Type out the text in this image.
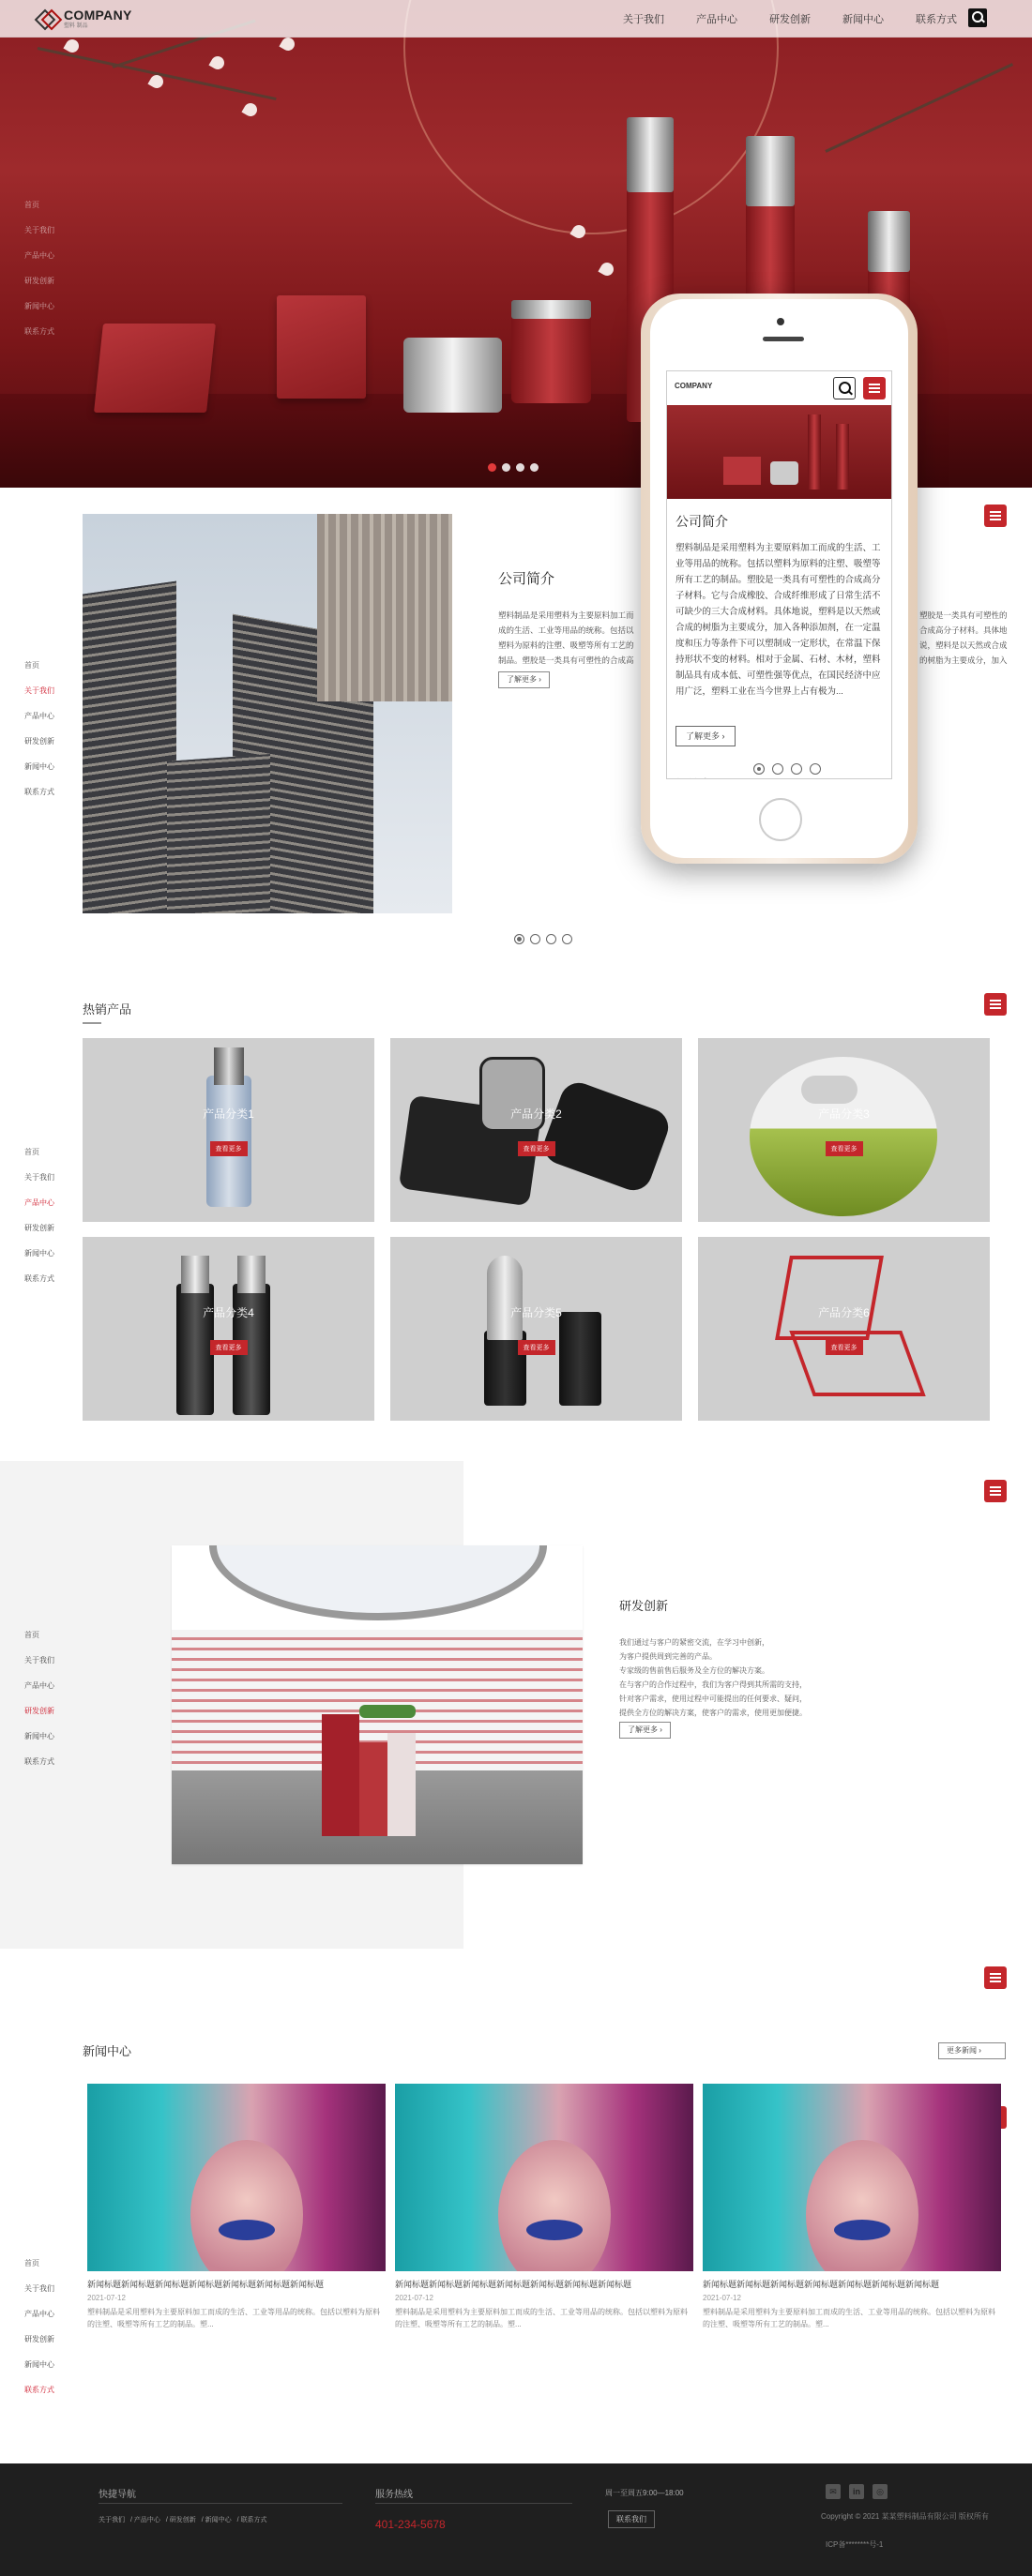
COMPANY
塑料 制品
关于我们	产品中心	研发创新	新闻中心	联系方式
首页
关于我们
产品中心
研发创新
新闻中心
联系方式
首页
关于我们
产品中心
研发创新
新闻中心
联系方式
公司简介
塑料制品是采用塑料为主要原料加工而成的生活、工业等用品的统称。包括以塑料为原料的注塑、吸塑等所有工艺的制品。塑胶是一类具有可塑性的合成高
塑胶是一类具有可塑性的合成高分子材料。具体地说，塑料是以天然或合成的树脂为主要成分，加入
了解更多 ›
COMPANY
公司简介
塑料制品是采用塑料为主要原料加工而成的生活、工业等用品的统称。包括以塑料为原料的注塑、吸塑等所有工艺的制品。塑胶是一类具有可塑性的合成高分子材料。它与合成橡胶、合成纤维形成了日常生活不可缺少的三大合成材料。具体地说，塑料是以天然或合成的树脂为主要成分，加入各种添加剂，在一定温度和压力等条件下可以塑制成一定形状，在常温下保持形状不变的材料。相对于金属、石材、木材，塑料制品具有成本低、可塑性强等优点，在国民经济中应用广泛，塑料工业在当今世界上占有极为...
了解更多 ›
热销产品
首页
关于我们
产品中心
研发创新
新闻中心
联系方式
产品分类1
查看更多
产品分类2
查看更多
产品分类3
查看更多
产品分类4
查看更多
产品分类5
查看更多
产品分类6
查看更多
首页
关于我们
产品中心
研发创新
新闻中心
联系方式
研发创新
我们通过与客户的紧密交流，在学习中创新，
为客户提供周到完善的产品。
专家级的售前售后服务及全方位的解决方案。
在与客户的合作过程中，我们为客户得到其所需的支持，
针对客户需求，使用过程中可能提出的任何要求、疑问，
提供全方位的解决方案，使客户的需求，使用更加便捷。
了解更多 ›
新闻中心	更多新闻 ›
首页
关于我们
产品中心
研发创新
新闻中心
联系方式
新闻标题新闻标题新闻标题新闻标题新闻标题新闻标题新闻标题
2021-07-12
塑料制品是采用塑料为主要原料加工而成的生活、工业等用品的统称。包括以塑料为原料的注塑、吸塑等所有工艺的制品。塑...
新闻标题新闻标题新闻标题新闻标题新闻标题新闻标题新闻标题
2021-07-12
塑料制品是采用塑料为主要原料加工而成的生活、工业等用品的统称。包括以塑料为原料的注塑、吸塑等所有工艺的制品。塑...
新闻标题新闻标题新闻标题新闻标题新闻标题新闻标题新闻标题
2021-07-12
塑料制品是采用塑料为主要原料加工而成的生活、工业等用品的统称。包括以塑料为原料的注塑、吸塑等所有工艺的制品。塑...
快捷导航
关于我们 / 产品中心 / 研发创新 / 新闻中心 / 联系方式
服务热线
401-234-5678
周一至周五9:00—18:00
联系我们
✉	in	◎
Copyright © 2021 某某塑料制品有限公司 版权所有
ICP备********号-1
